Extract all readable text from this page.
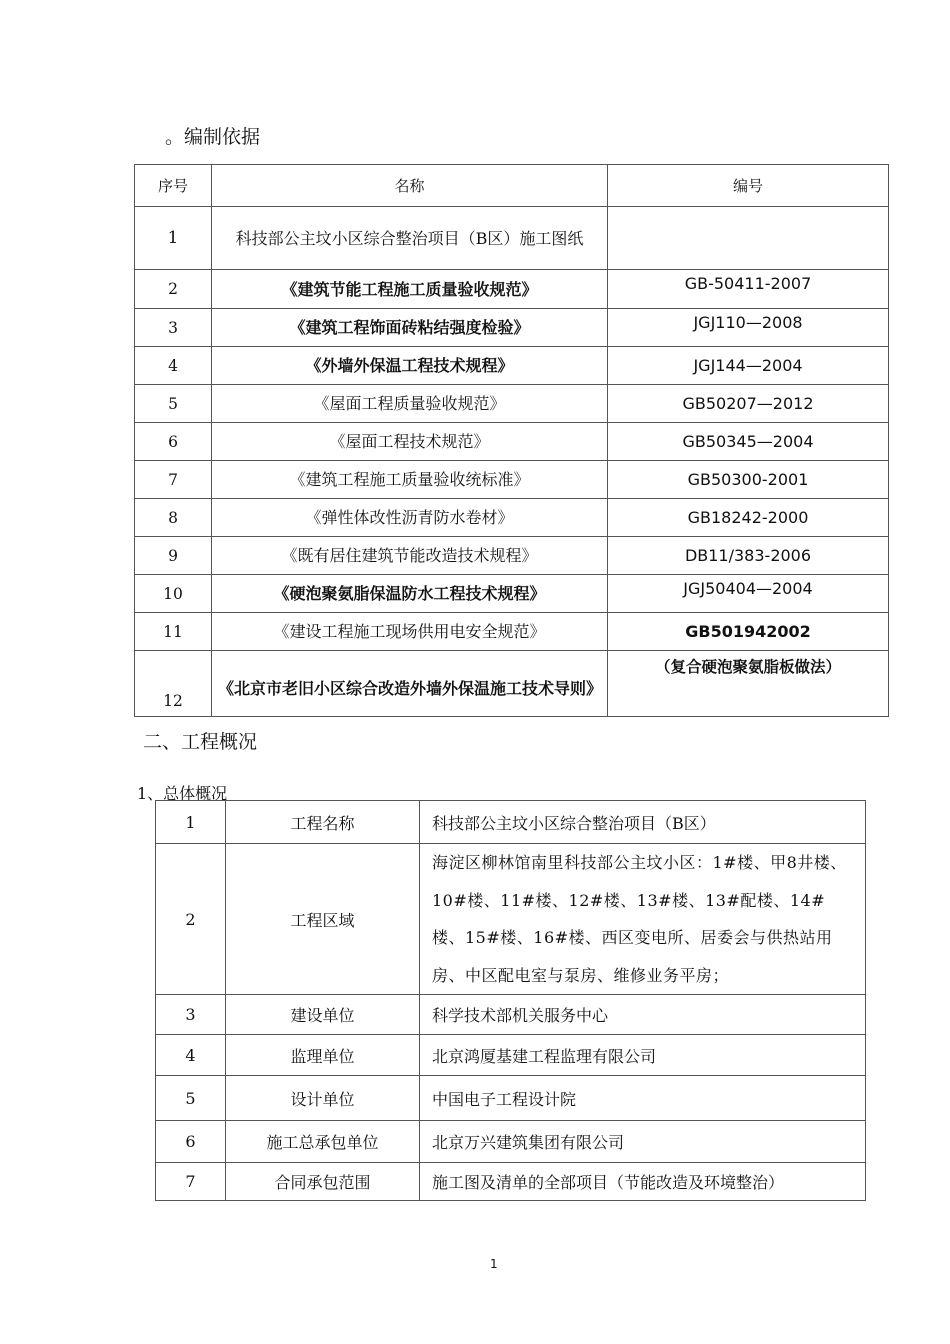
。编制依据
序号	名称	编号
1	科技部公主坟小区综合整治项目（B区）施工图纸	
2	《建筑节能工程施工质量验收规范》	GB-50411-2007
3	《建筑工程饰面砖粘结强度检验》	JGJ110—2008
4	《外墙外保温工程技术规程》	JGJ144—2004
5	《屋面工程质量验收规范》	GB50207—2012
6	《屋面工程技术规范》	GB50345—2004
7	《建筑工程施工质量验收统标准》	GB50300-2001
8	《弹性体改性沥青防水卷材》	GB18242-2000
9	《既有居住建筑节能改造技术规程》	DB11/383-2006
10	《硬泡聚氨脂保温防水工程技术规程》	JGJ50404—2004
11	《建设工程施工现场供用电安全规范》	GB501942002
12	《北京市老旧小区综合改造外墙外保温施工技术导则》	（复合硬泡聚氨脂板做法）
二、工程概况
1、总体概况
1	工程名称	科技部公主坟小区综合整治项目（B区）
2	工程区域	海淀区柳林馆南里科技部公主坟小区：1#楼、甲8井楼、10#楼、11#楼、12#楼、13#楼、13#配楼、14#楼、15#楼、16#楼、西区变电所、居委会与供热站用房、中区配电室与泵房、维修业务平房；
3	建设单位	科学技术部机关服务中心
4	监理单位	北京鸿厦基建工程监理有限公司
5	设计单位	中国电子工程设计院
6	施工总承包单位	北京万兴建筑集团有限公司
7	合同承包范围	施工图及清单的全部项目（节能改造及环境整治）
1
